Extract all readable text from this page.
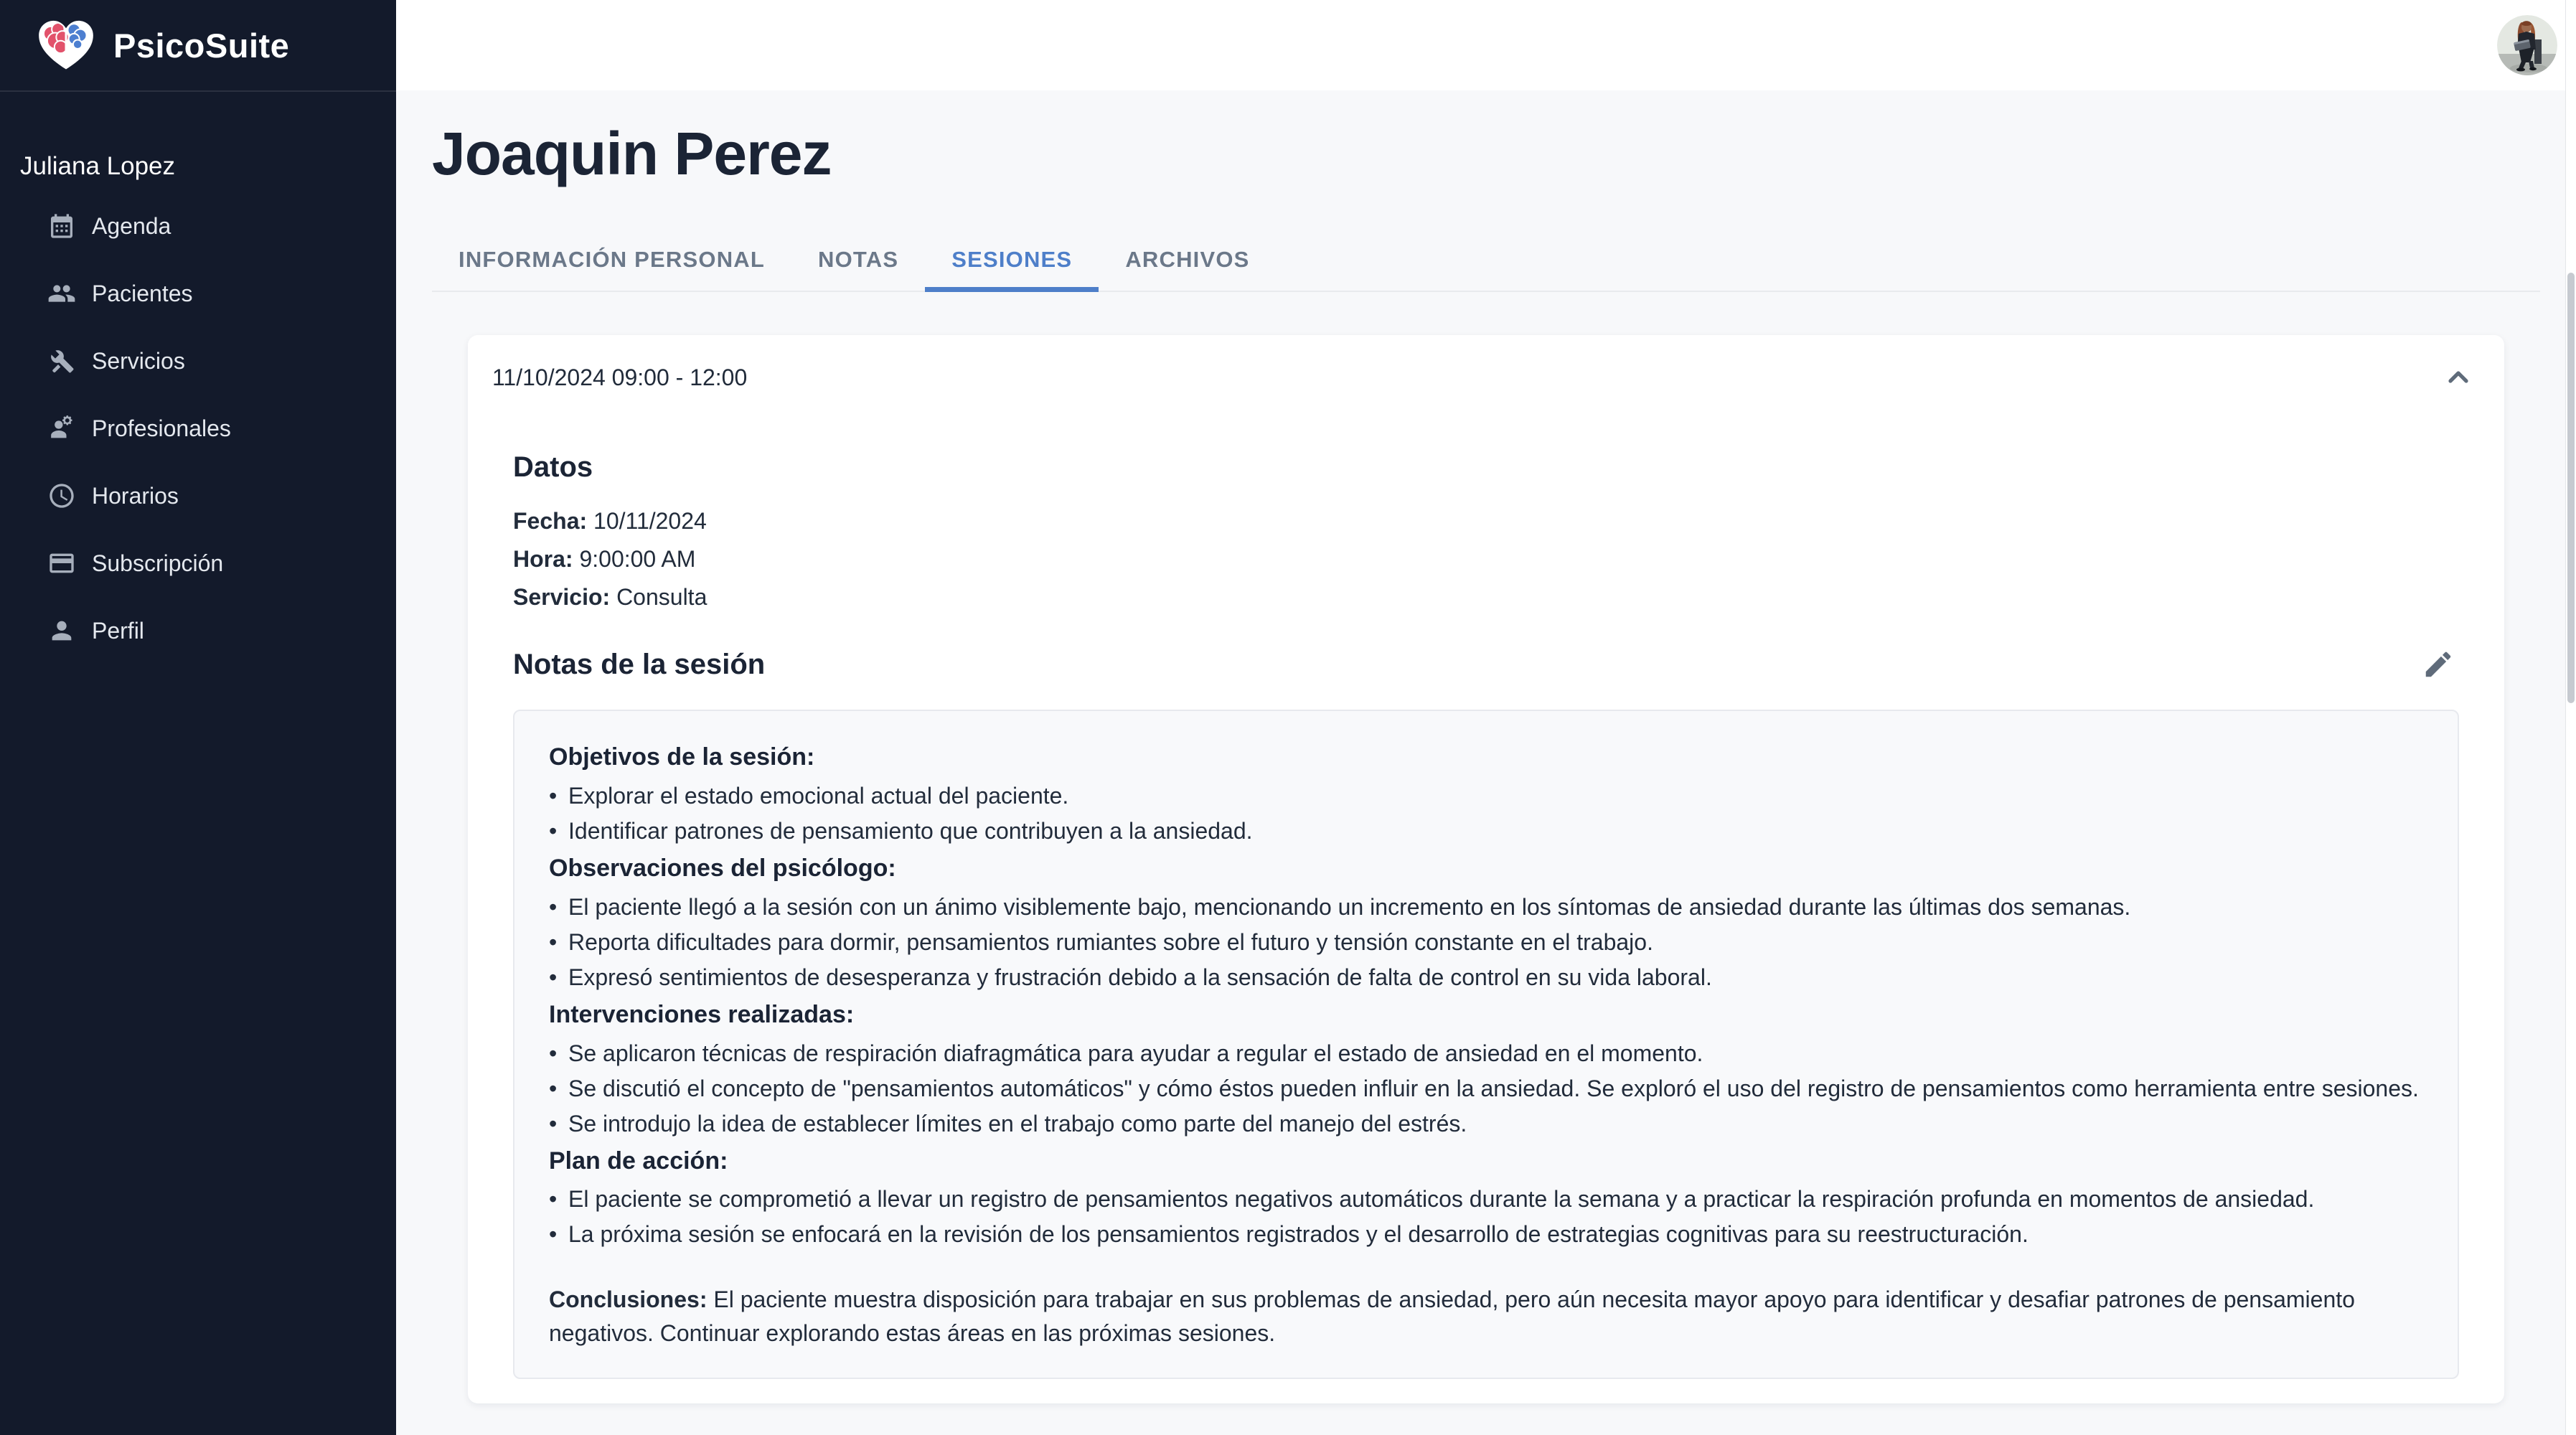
PsicoSuite
Juliana Lopez
Agenda
Pacientes
Servicios
Profesionales
Horarios
Subscripción
Perfil
Joaquin Perez
INFORMACIÓN PERSONAL	NOTAS	SESIONES	ARCHIVOS
11/10/2024 09:00 - 12:00
Datos
Fecha: 10/11/2024
Hora: 9:00:00 AM
Servicio: Consulta
Notas de la sesión
Objetivos de la sesión:
• Explorar el estado emocional actual del paciente.
• Identificar patrones de pensamiento que contribuyen a la ansiedad.
Observaciones del psicólogo:
• El paciente llegó a la sesión con un ánimo visiblemente bajo, mencionando un incremento en los síntomas de ansiedad durante las últimas dos semanas.
• Reporta dificultades para dormir, pensamientos rumiantes sobre el futuro y tensión constante en el trabajo.
• Expresó sentimientos de desesperanza y frustración debido a la sensación de falta de control en su vida laboral.
Intervenciones realizadas:
• Se aplicaron técnicas de respiración diafragmática para ayudar a regular el estado de ansiedad en el momento.
• Se discutió el concepto de "pensamientos automáticos" y cómo éstos pueden influir en la ansiedad. Se exploró el uso del registro de pensamientos como herramienta entre sesiones.
• Se introdujo la idea de establecer límites en el trabajo como parte del manejo del estrés.
Plan de acción:
• El paciente se comprometió a llevar un registro de pensamientos negativos automáticos durante la semana y a practicar la respiración profunda en momentos de ansiedad.
• La próxima sesión se enfocará en la revisión de los pensamientos registrados y el desarrollo de estrategias cognitivas para su reestructuración.
Conclusiones: El paciente muestra disposición para trabajar en sus problemas de ansiedad, pero aún necesita mayor apoyo para identificar y desafiar patrones de pensamiento negativos. Continuar explorando estas áreas en las próximas sesiones.
